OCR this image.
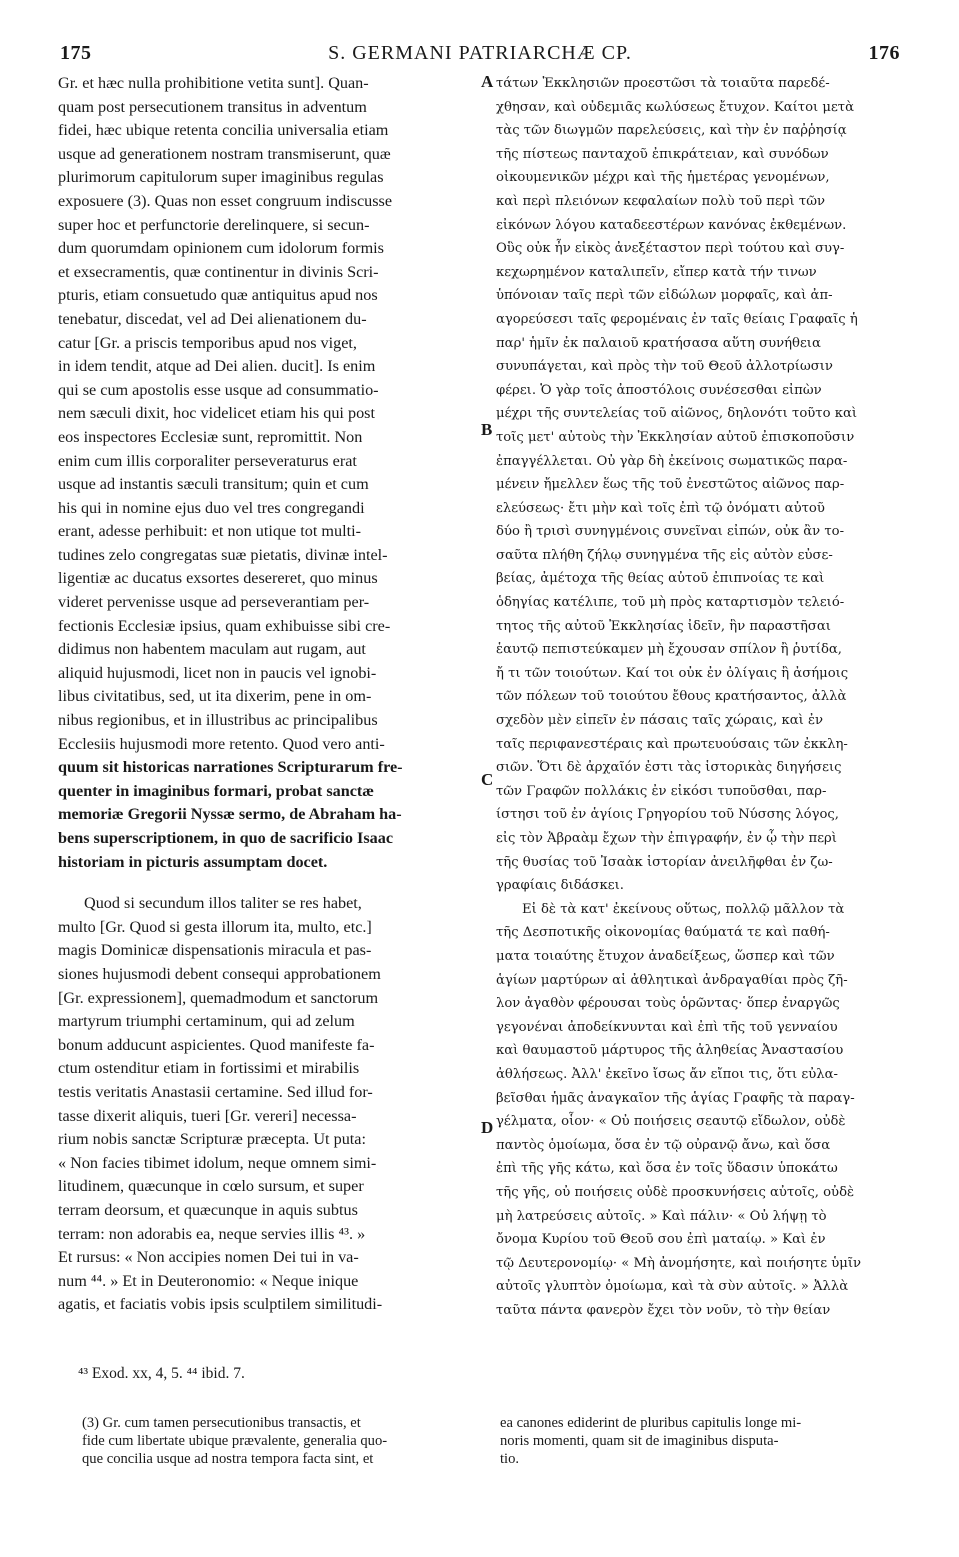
175	S. GERMANI PATRIARCHÆ CP.	176
Gr. et hæc nulla prohibitione vetita sunt]. Quan-
quam post persecutionem transitus in adventum
fidei, hæc ubique retenta concilia universalia etiam
usque ad generationem nostram transmiserunt, quæ
plurimorum capitulorum super imaginibus regulas
exposuere (3). Quas non esset congruum indiscusse
super hoc et perfunctorie derelinquere, si secun-
dum quorumdam opinionem cum idolorum formis
et exsecramentis, quæ continentur in divinis Scri-
pturis, etiam consuetudo quæ antiquitus apud nos
tenebatur, discedat, vel ad Dei alienationem du-
catur [Gr. a priscis temporibus apud nos viget,
in idem tendit, atque ad Dei alien. ducit]. Is enim
qui se cum apostolis esse usque ad consummatio-
nem sæculi dixit, hoc videlicet etiam his qui post
eos inspectores Ecclesiæ sunt, repromittit. Non
enim cum illis corporaliter perseveraturus erat
usque ad instantis sæculi transitum; quin et cum
his qui in nomine ejus duo vel tres congregandi
erant, adesse perhibuit: et non utique tot multi-
tudines zelo congregatas suæ pietatis, divinæ intel-
ligentiæ ac ducatus exsortes desereret, quo minus
videret pervenisse usque ad perseverantiam per-
fectionis Ecclesiæ ipsius, quam exhibuisse sibi cre-
didimus non habentem maculam aut rugam, aut
aliquid hujusmodi, licet non in paucis vel ignobi-
libus civitatibus, sed, ut ita dixerim, pene in om-
nibus regionibus, et in illustribus ac principalibus
Ecclesiis hujusmodi more retento. Quod vero anti-
quum sit historicas narrationes Scripturarum fre-
quenter in imaginibus formari, probat sanctæ
memoriæ Gregorii Nyssæ sermo, de Abraham ha-
bens superscriptionem, in quo de sacrificio Isaac
historiam in picturis assumptam docet.
Quod si secundum illos taliter se res habet,
multo [Gr. Quod si gesta illorum ita, multo, etc.]
magis Dominicæ dispensationis miracula et pas-
siones hujusmodi debent consequi approbationem
[Gr. expressionem], quemadmodum et sanctorum
martyrum triumphi certaminum, qui ad zelum
bonum adducunt aspicientes. Quod manifeste fa-
ctum ostenditur etiam in fortissimi et mirabilis
testis veritatis Anastasii certamine. Sed illud for-
tasse dixerit aliquis, tueri [Gr. vereri] necessa-
rium nobis sanctæ Scripturæ præcepta. Ut puta:
« Non facies tibimet idolum, neque omnem simi-
litudinem, quæcunque in cœlo sursum, et super
terram deorsum, et quæcunque in aquis subtus
terram: non adorabis ea, neque servies illis ⁴³. »
Et rursus: « Non accipies nomen Dei tui in va-
num ⁴⁴. » Et in Deuteronomio: « Neque inique
agatis, et faciatis vobis ipsis sculptilem similitudi-
τάτων Ἐκκλησιῶν προεστῶσι τὰ τοιαῦτα παρεδέ-
χθησαν, καὶ οὐδεμιᾶς κωλύσεως ἔτυχον. Καίτοι μετὰ
τὰς τῶν διωγμῶν παρελεύσεις, καὶ τὴν ἐν παῤῥησίᾳ
τῆς πίστεως πανταχοῦ ἐπικράτειαν, καὶ συνόδων
οἰκουμενικῶν μέχρι καὶ τῆς ἡμετέρας γενομένων,
καὶ περὶ πλειόνων κεφαλαίων πολὺ τοῦ περὶ τῶν
εἰκόνων λόγου καταδεεστέρων κανόνας ἐκθεμένων.
Οὓς οὐκ ἦν εἰκὸς ἀνεξέταστον περὶ τούτου καὶ συγ-
κεχωρημένον καταλιπεῖν, εἴπερ κατὰ τήν τινων
ὑπόνοιαν ταῖς περὶ τῶν εἰδώλων μορφαῖς, καὶ ἀπ-
αγορεύσεσι ταῖς φερομέναις ἐν ταῖς θείαις Γραφαῖς ἡ
παρ' ἡμῖν ἐκ παλαιοῦ κρατήσασα αὕτη συνήθεια
συνυπάγεται, καὶ πρὸς τὴν τοῦ Θεοῦ ἀλλοτρίωσιν
φέρει. Ὁ γὰρ τοῖς ἀποστόλοις συνέσεσθαι εἰπὼν
μέχρι τῆς συντελείας τοῦ αἰῶνος, δηλονότι τοῦτο καὶ
τοῖς μετ' αὐτοὺς τὴν Ἐκκλησίαν αὐτοῦ ἐπισκοποῦσιν
ἐπαγγέλλεται. Οὐ γὰρ δὴ ἐκείνοις σωματικῶς παρα-
μένειν ἤμελλεν ἕως τῆς τοῦ ἐνεστῶτος αἰῶνος παρ-
ελεύσεως· ἔτι μὴν καὶ τοῖς ἐπὶ τῷ ὀνόματι αὐτοῦ
δύο ἢ τρισὶ συνηγμένοις συνεῖναι εἰπών, οὐκ ἂν το-
σαῦτα πλήθη ζήλῳ συνηγμένα τῆς εἰς αὐτὸν εὐσε-
βείας, ἀμέτοχα τῆς θείας αὐτοῦ ἐπιπνοίας τε καὶ
ὁδηγίας κατέλιπε, τοῦ μὴ πρὸς καταρτισμὸν τελειό-
τητος τῆς αὐτοῦ Ἐκκλησίας ἰδεῖν, ἣν παραστῆσαι
ἑαυτῷ πεπιστεύκαμεν μὴ ἔχουσαν σπίλον ἢ ῥυτίδα,
ἤ τι τῶν τοιούτων. Καί τοι οὐκ ἐν ὀλίγαις ἢ ἀσήμοις
τῶν πόλεων τοῦ τοιούτου ἔθους κρατήσαντος, ἀλλὰ
σχεδὸν μὲν εἰπεῖν ἐν πάσαις ταῖς χώραις, καὶ ἐν
ταῖς περιφανεστέραις καὶ πρωτευούσαις τῶν ἐκκλη-
σιῶν. Ὅτι δὲ ἀρχαῖόν ἐστι τὰς ἱστορικὰς διηγήσεις
τῶν Γραφῶν πολλάκις ἐν εἰκόσι τυποῦσθαι, παρ-
ίστησι τοῦ ἐν ἁγίοις Γρηγορίου τοῦ Νύσσης λόγος,
εἰς τὸν Ἀβραὰμ ἔχων τὴν ἐπιγραφήν, ἐν ᾧ τὴν περὶ
τῆς θυσίας τοῦ Ἰσαὰκ ἱστορίαν ἀνειλῆφθαι ἐν ζω-
γραφίαις διδάσκει.
Εἰ δὲ τὰ κατ' ἐκείνους οὕτως, πολλῷ μᾶλλον τὰ
τῆς Δεσποτικῆς οἰκονομίας θαύματά τε καὶ παθή-
ματα τοιαύτης ἔτυχον ἀναδείξεως, ὥσπερ καὶ τῶν
ἁγίων μαρτύρων αἱ ἀθλητικαὶ ἀνδραγαθίαι πρὸς ζῆ-
λον ἀγαθὸν φέρουσαι τοὺς ὁρῶντας· ὅπερ ἐναργῶς
γεγονέναι ἀποδείκνυνται καὶ ἐπὶ τῆς τοῦ γενναίου
καὶ θαυμαστοῦ μάρτυρος τῆς ἀληθείας Ἀναστασίου
ἀθλήσεως. Ἀλλ' ἐκεῖνο ἴσως ἄν εἴποι τις, ὅτι εὐλα-
βεῖσθαι ἡμᾶς ἀναγκαῖον τῆς ἁγίας Γραφῆς τὰ παραγ-
γέλματα, οἷον· « Οὐ ποιήσεις σεαυτῷ εἴδωλον, οὐδὲ
παντὸς ὁμοίωμα, ὅσα ἐν τῷ οὐρανῷ ἄνω, καὶ ὅσα
ἐπὶ τῆς γῆς κάτω, καὶ ὅσα ἐν τοῖς ὕδασιν ὑποκάτω
τῆς γῆς, οὐ ποιήσεις οὐδὲ προσκυνήσεις αὐτοῖς, οὐδὲ
μὴ λατρεύσεις αὐτοῖς. » Καὶ πάλιν· « Οὐ λήψῃ τὸ
ὄνομα Κυρίου τοῦ Θεοῦ σου ἐπὶ ματαίῳ. » Καὶ ἐν
τῷ Δευτερονομίῳ· « Μὴ ἀνομήσητε, καὶ ποιήσητε ὑμῖν
αὐτοῖς γλυπτὸν ὁμοίωμα, καὶ τὰ σὺν αὐτοῖς. » Ἀλλὰ
ταῦτα πάντα φανερὸν ἔχει τὸν νοῦν, τὸ τὴν θείαν
A
B
C
D
⁴³ Exod. xx, 4, 5. ⁴⁴ ibid. 7.
(3) Gr. cum tamen persecutionibus transactis, et
fide cum libertate ubique prævalente, generalia quo-
que concilia usque ad nostra tempora facta sint, et
ea canones ediderint de pluribus capitulis longe mi-
noris momenti, quam sit de imaginibus disputa-
tio.
